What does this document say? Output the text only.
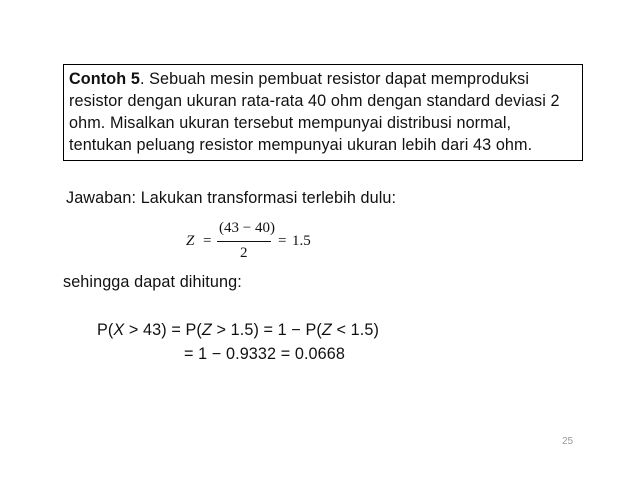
Contoh 5. Sebuah mesin pembuat resistor dapat memproduksi resistor dengan ukuran rata-rata 40 ohm dengan standard deviasi 2 ohm. Misalkan ukuran tersebut mempunyai distribusi normal, tentukan peluang resistor mempunyai ukuran lebih dari 43 ohm.
Jawaban: Lakukan transformasi terlebih dulu:
Z =
(43 − 40)
2
= 1.5
sehingga dapat dihitung:
P(X > 43) = P(Z > 1.5) = 1 − P(Z < 1.5)
= 1 − 0.9332 = 0.0668
25
